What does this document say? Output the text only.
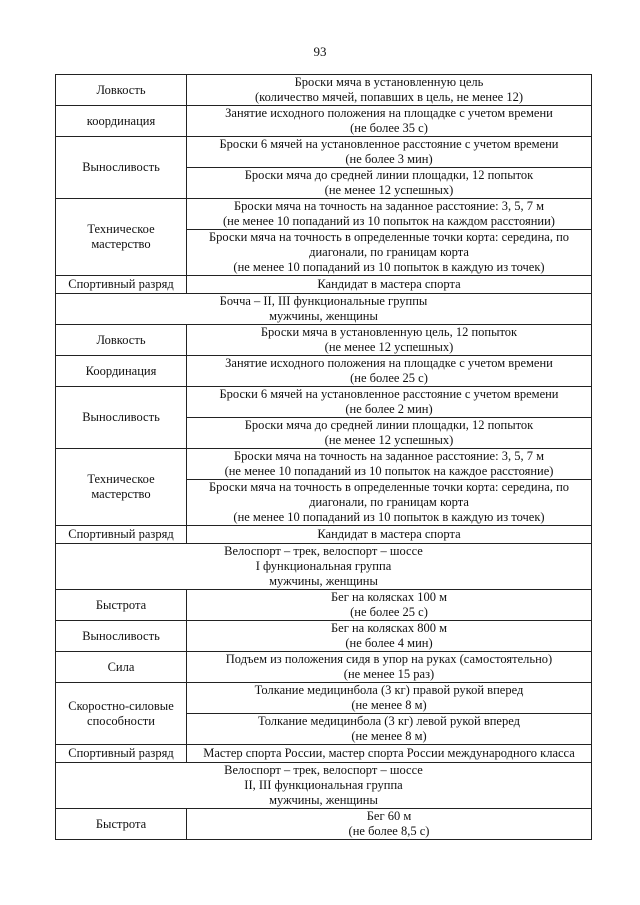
93
Ловкость	Броски мяча в установленную цель
(количество мячей, попавших в цель, не менее 12)

координация	Занятие исходного положения на площадке с учетом времени
(не более 35 с)

Выносливость	Броски 6 мячей на установленное расстояние с учетом времени
(не более 3 мин)

	Броски мяча до средней линии площадки, 12 попыток
(не менее 12 успешных)

Техническое мастерство	Броски мяча на точность на заданное расстояние: 3, 5, 7 м
(не менее 10 попаданий из 10 попыток на каждом расстоянии)

	Броски мяча на точность в определенные точки корта: середина, по
диагонали, по границам корта
(не менее 10 попаданий из 10 попыток в каждую из точек)

Спортивный разряд	Кандидат в мастера спорта

Бочча – II, III функциональные группы
мужчины, женщины	

Ловкость	Броски мяча в установленную цель, 12 попыток
(не менее 12 успешных)

Координация	Занятие исходного положения на площадке с учетом времени
(не более 25 с)

Выносливость	Броски 6 мячей на установленное расстояние с учетом времени
(не более 2 мин)

	Броски мяча до средней линии площадки, 12 попыток
(не менее 12 успешных)

Техническое мастерство	Броски мяча на точность на заданное расстояние: 3, 5, 7 м
(не менее 10 попаданий из 10 попыток на каждое расстояние)

	Броски мяча на точность в определенные точки корта: середина, по
диагонали, по границам корта
(не менее 10 попаданий из 10 попыток в каждую из точек)

Спортивный разряд	Кандидат в мастера спорта

Велоспорт – трек, велоспорт – шоссе
I функциональная группа
мужчины, женщины	

Быстрота	Бег на колясках 100 м
(не более 25 с)

Выносливость	Бег на колясках 800 м
(не более 4 мин)

Сила	Подъем из положения сидя в упор на руках (самостоятельно)
(не менее 15 раз)

Скоростно-силовые способности	Толкание медицинбола (3 кг) правой рукой вперед
(не менее 8 м)

	Толкание медицинбола (3 кг) левой рукой вперед
(не менее 8 м)

Спортивный разряд	Мастер спорта России, мастер спорта России международного класса

Велоспорт – трек, велоспорт – шоссе
II, III функциональная группа
мужчины, женщины	

Быстрота	Бег 60 м
(не более 8,5 с)
